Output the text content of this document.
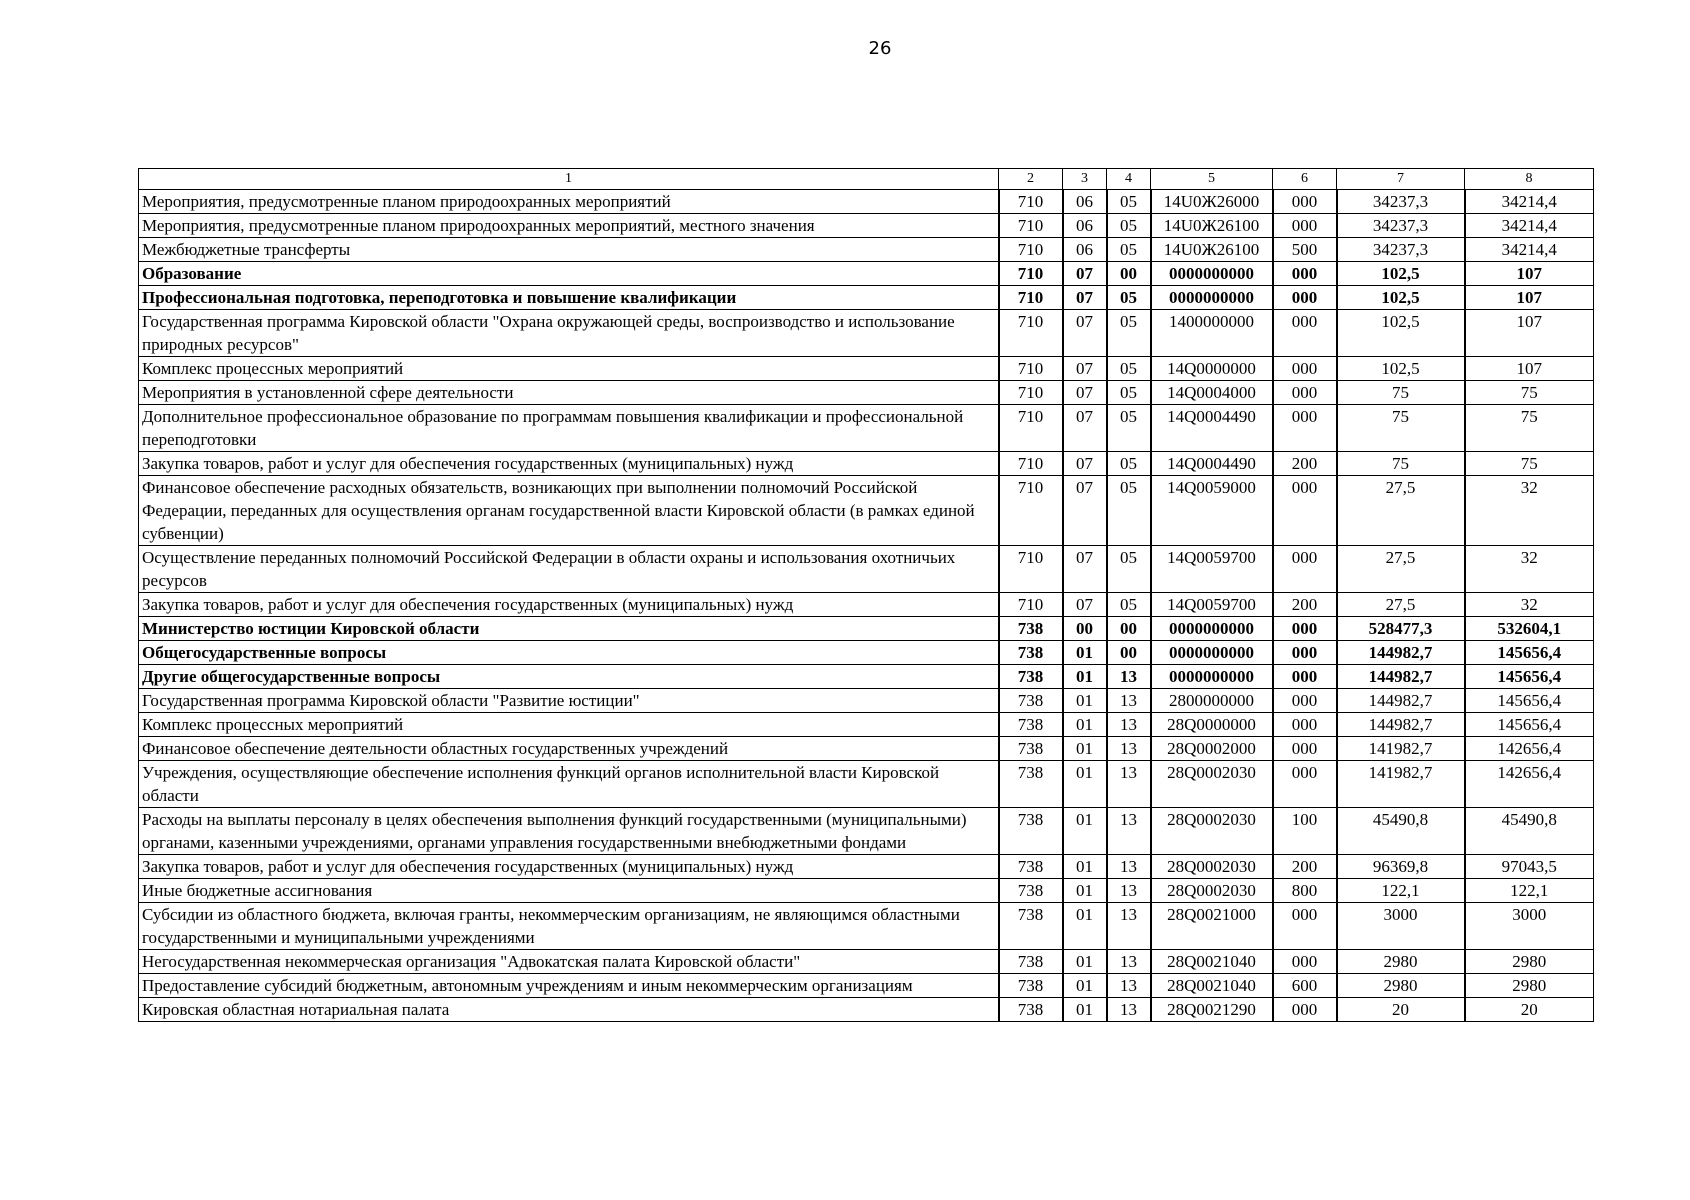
26
1	2	3	4	5	6	7	8
Мероприятия, предусмотренные планом природоохранных мероприятий	710	06	05	14U0Ж26000	000	34237,3	34214,4
Мероприятия, предусмотренные планом природоохранных мероприятий, местного значения	710	06	05	14U0Ж26100	000	34237,3	34214,4
Межбюджетные трансферты	710	06	05	14U0Ж26100	500	34237,3	34214,4
Образование	710	07	00	0000000000	000	102,5	107
Профессиональная подготовка, переподготовка и повышение квалификации	710	07	05	0000000000	000	102,5	107
Государственная программа Кировской области "Охрана окружающей среды, воспроизводство и использование природных ресурсов"	710	07	05	1400000000	000	102,5	107
Комплекс процессных мероприятий	710	07	05	14Q0000000	000	102,5	107
Мероприятия в установленной сфере деятельности	710	07	05	14Q0004000	000	75	75
Дополнительное профессиональное образование по программам повышения квалификации и профессиональной переподготовки	710	07	05	14Q0004490	000	75	75
Закупка товаров, работ и услуг для обеспечения государственных (муниципальных) нужд	710	07	05	14Q0004490	200	75	75
Финансовое обеспечение расходных обязательств, возникающих при выполнении полномочий Российской Федерации, переданных для осуществления органам государственной власти Кировской области (в рамках единой субвенции)	710	07	05	14Q0059000	000	27,5	32
Осуществление переданных полномочий Российской Федерации в области охраны и использования охотничьих ресурсов	710	07	05	14Q0059700	000	27,5	32
Закупка товаров, работ и услуг для обеспечения государственных (муниципальных) нужд	710	07	05	14Q0059700	200	27,5	32
Министерство юстиции Кировской области	738	00	00	0000000000	000	528477,3	532604,1
Общегосударственные вопросы	738	01	00	0000000000	000	144982,7	145656,4
Другие общегосударственные вопросы	738	01	13	0000000000	000	144982,7	145656,4
Государственная программа Кировской области "Развитие юстиции"	738	01	13	2800000000	000	144982,7	145656,4
Комплекс процессных мероприятий	738	01	13	28Q0000000	000	144982,7	145656,4
Финансовое обеспечение деятельности областных государственных учреждений	738	01	13	28Q0002000	000	141982,7	142656,4
Учреждения, осуществляющие обеспечение исполнения функций органов исполнительной власти Кировской области	738	01	13	28Q0002030	000	141982,7	142656,4
Расходы на выплаты персоналу в целях обеспечения выполнения функций государственными (муниципальными) органами, казенными учреждениями, органами управления государственными внебюджетными фондами	738	01	13	28Q0002030	100	45490,8	45490,8
Закупка товаров, работ и услуг для обеспечения государственных (муниципальных) нужд	738	01	13	28Q0002030	200	96369,8	97043,5
Иные бюджетные ассигнования	738	01	13	28Q0002030	800	122,1	122,1
Субсидии из областного бюджета, включая гранты, некоммерческим организациям, не являющимся областными государственными и муниципальными учреждениями	738	01	13	28Q0021000	000	3000	3000
Негосударственная некоммерческая организация "Адвокатская палата Кировской области"	738	01	13	28Q0021040	000	2980	2980
Предоставление субсидий бюджетным, автономным учреждениям и иным некоммерческим организациям	738	01	13	28Q0021040	600	2980	2980
Кировская областная нотариальная палата	738	01	13	28Q0021290	000	20	20
